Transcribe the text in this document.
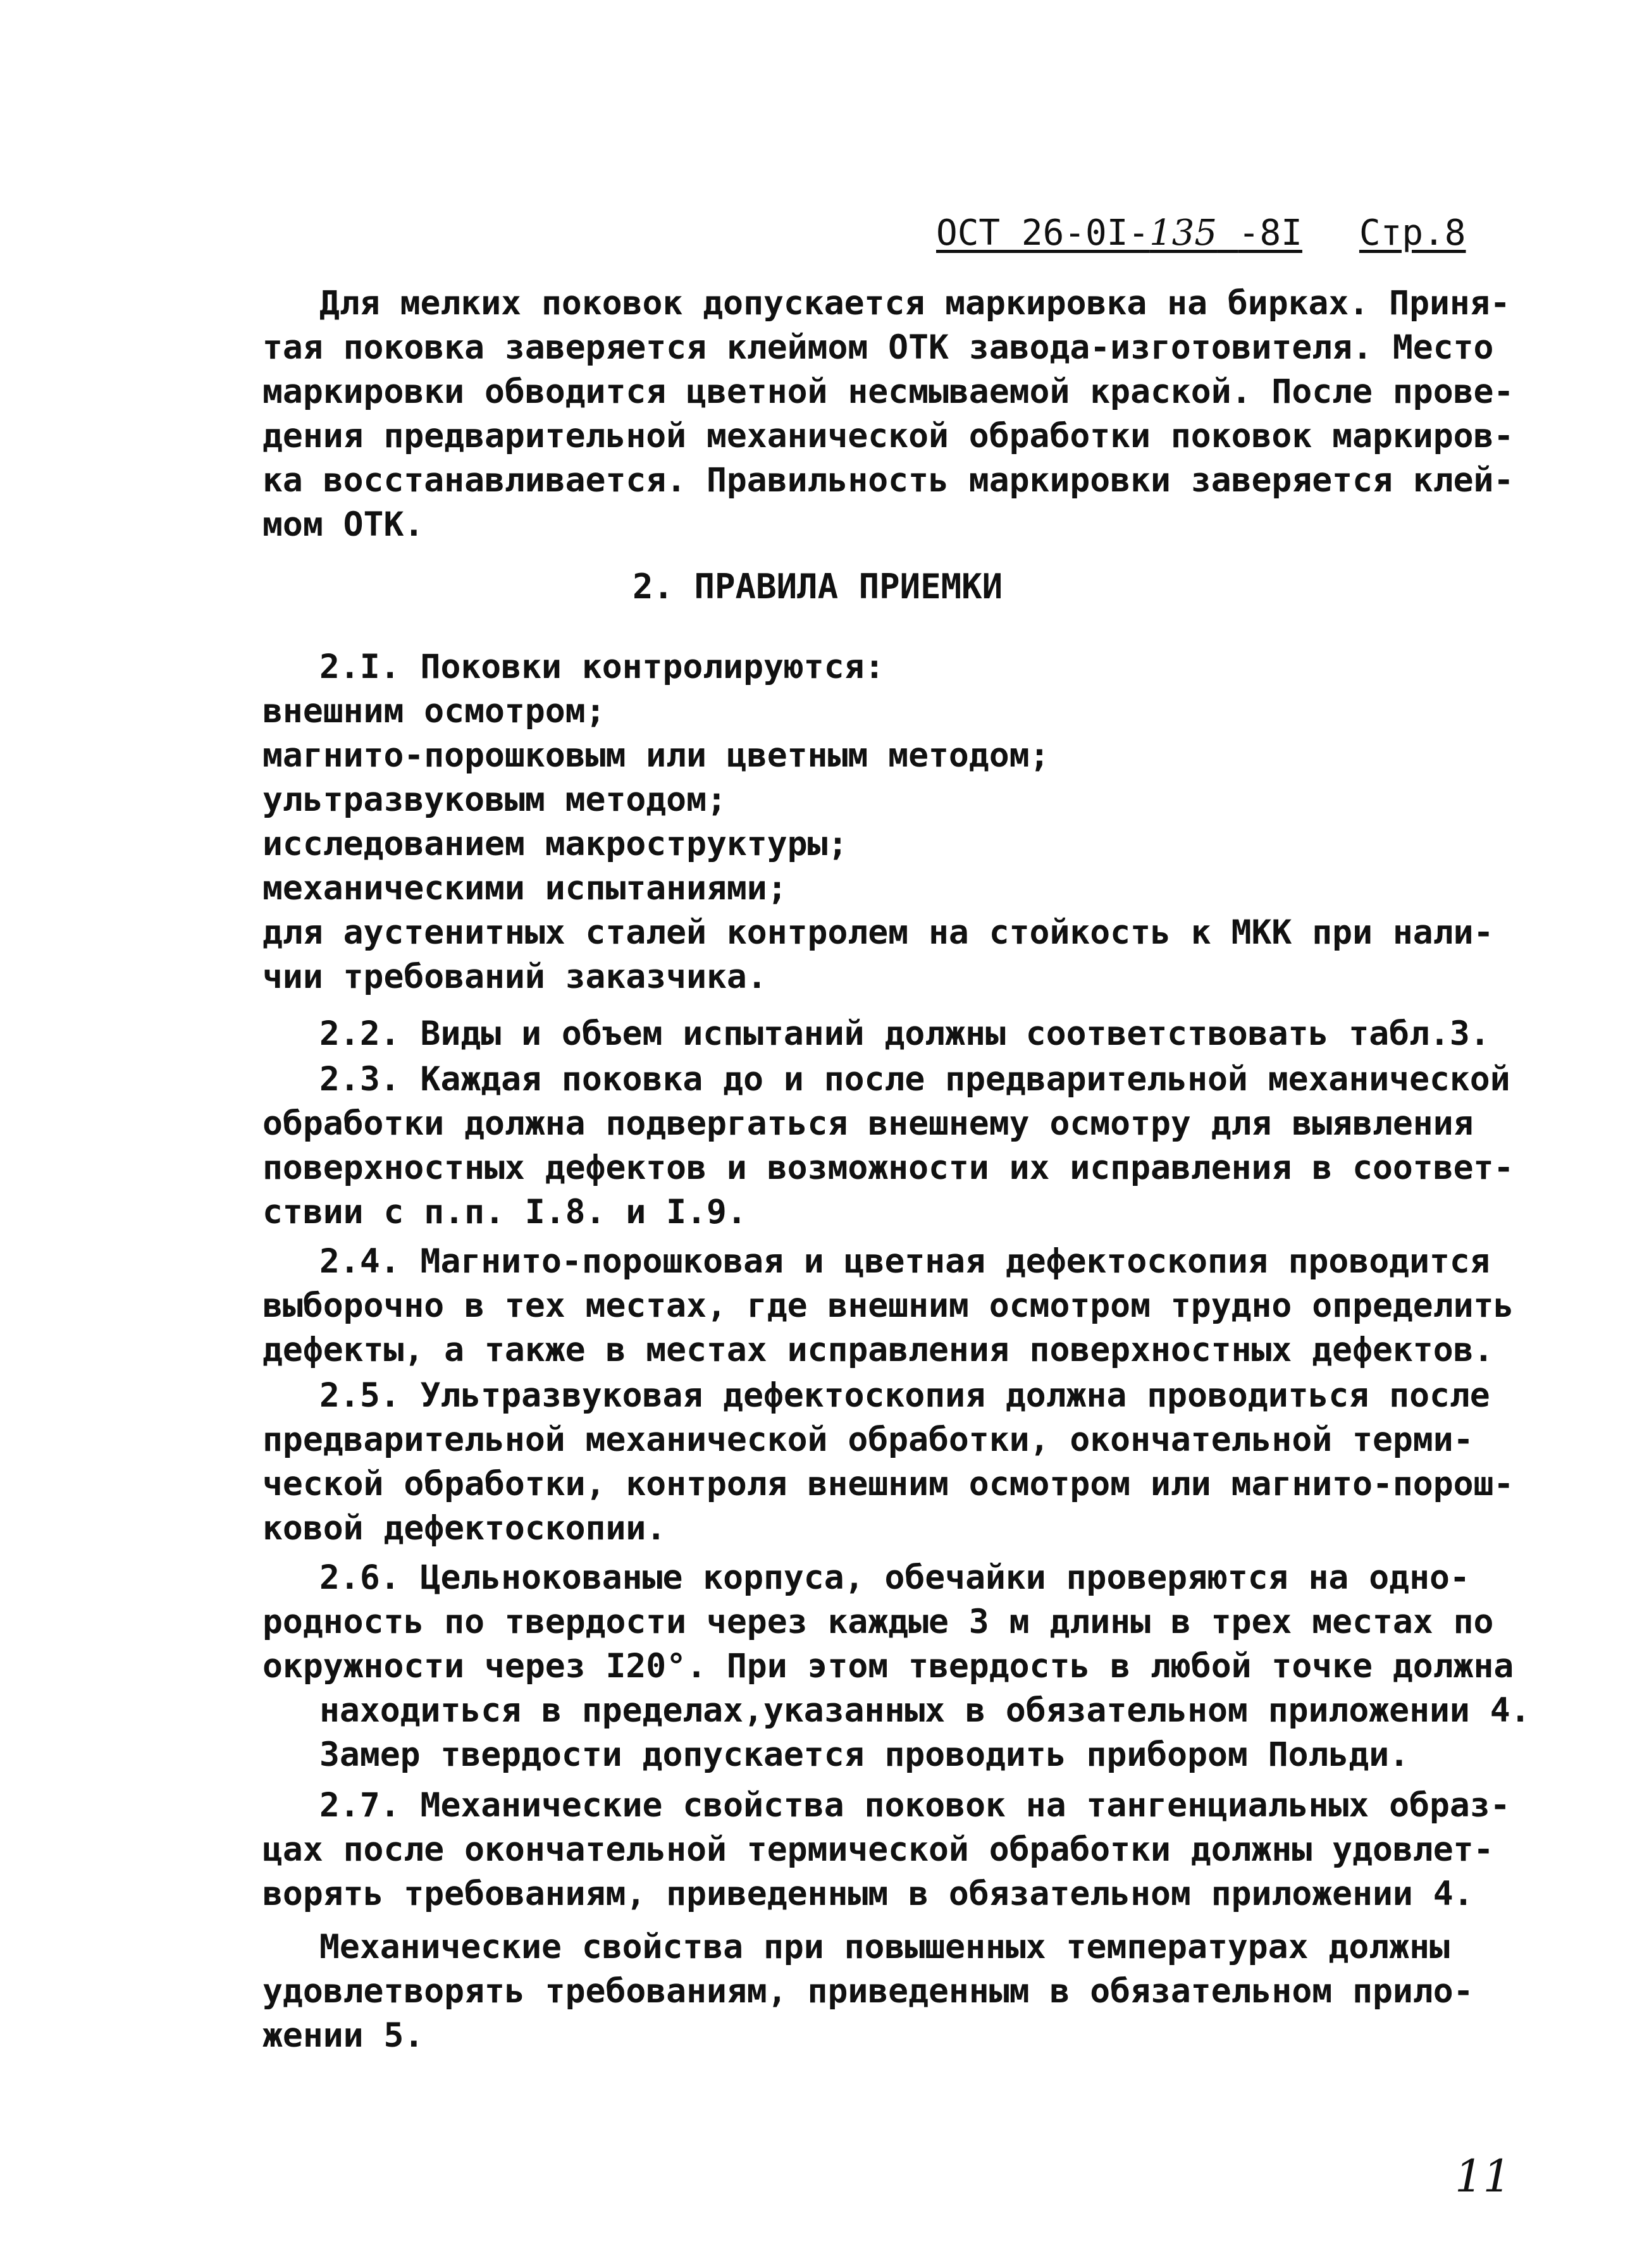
ОСТ 26-0I-135 -8I Стр.8
Для мелких поковок допускается маркировка на бирках. Приня-
тая поковка заверяется клеймом ОТК завода-изготовителя. Место
маркировки обводится цветной несмываемой краской. После прове-
дения предварительной механической обработки поковок маркиров-
ка восстанавливается. Правильность маркировки заверяется клей-
мом ОТК.
2. ПРАВИЛА ПРИЕМКИ
2.I. Поковки контролируются:
внешним осмотром;
магнито-порошковым или цветным методом;
ультразвуковым методом;
исследованием макроструктуры;
механическими испытаниями;
для аустенитных сталей контролем на стойкость к МКК при нали-
чии требований заказчика.
2.2. Виды и объем испытаний должны соответствовать табл.3.
2.3. Каждая поковка до и после предварительной механической
обработки должна подвергаться внешнему осмотру для выявления
поверхностных дефектов и возможности их исправления в соответ-
ствии с п.п. I.8. и I.9.
2.4. Магнито-порошковая и цветная дефектоскопия проводится
выборочно в тех местах, где внешним осмотром трудно определить
дефекты, а также в местах исправления поверхностных дефектов.
2.5. Ультразвуковая дефектоскопия должна проводиться после
предварительной механической обработки, окончательной терми-
ческой обработки, контроля внешним осмотром или магнито-порош-
ковой дефектоскопии.
2.6. Цельнокованые корпуса, обечайки проверяются на одно-
родность по твердости через каждые 3 м длины в трех местах по
окружности через I20°. При этом твердость в любой точке должна
находиться в пределах,указанных в обязательном приложении 4.
Замер твердости допускается проводить прибором Польди.
2.7. Механические свойства поковок на тангенциальных образ-
цах после окончательной термической обработки должны удовлет-
ворять требованиям, приведенным в обязательном приложении 4.
Механические свойства при повышенных температурах должны
удовлетворять требованиям, приведенным в обязательном прило-
жении 5.
11
